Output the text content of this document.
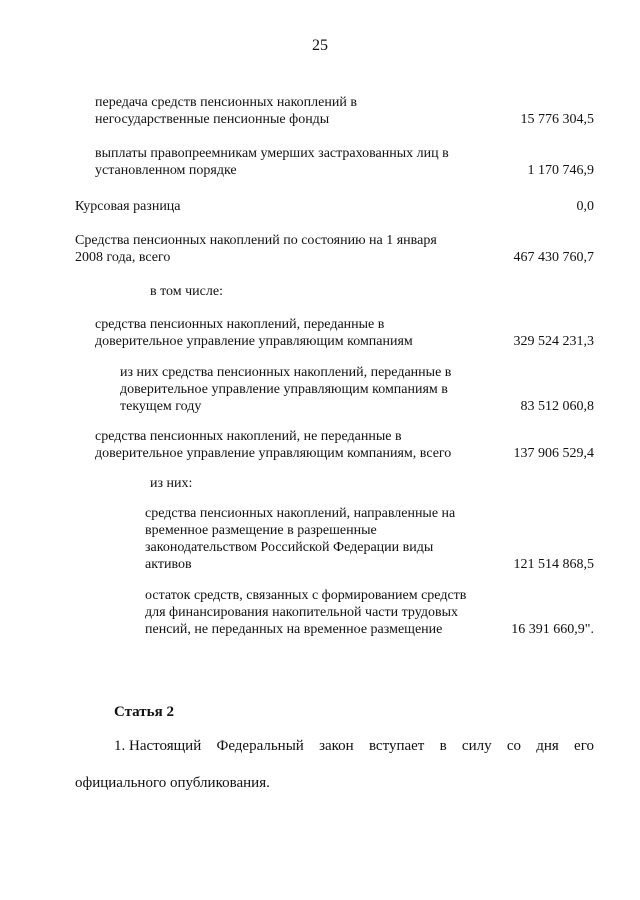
25
передача средств пенсионных накоплений в
негосударственные пенсионные фонды	15 776 304,5
выплаты правопреемникам умерших застрахованных лиц в
установленном порядке	1 170 746,9
Курсовая разница	0,0
Средства пенсионных накоплений по состоянию на 1 января
2008 года, всего	467 430 760,7
в том числе:
средства пенсионных накоплений, переданные в
доверительное управление управляющим компаниям	329 524 231,3
из них средства пенсионных накоплений, переданные в
доверительное управление управляющим компаниям в
текущем году	83 512 060,8
средства пенсионных накоплений, не переданные в
доверительное управление управляющим компаниям, всего	137 906 529,4
из них:
средства пенсионных накоплений, направленные на
временное размещение в разрешенные
законодательством Российской Федерации виды
активов	121 514 868,5
остаток средств, связанных с формированием средств
для финансирования накопительной части трудовых
пенсий, не переданных на временное размещение	16 391 660,9".
Статья 2
1. Настоящий Федеральный закон вступает в силу со дня его
официального опубликования.
